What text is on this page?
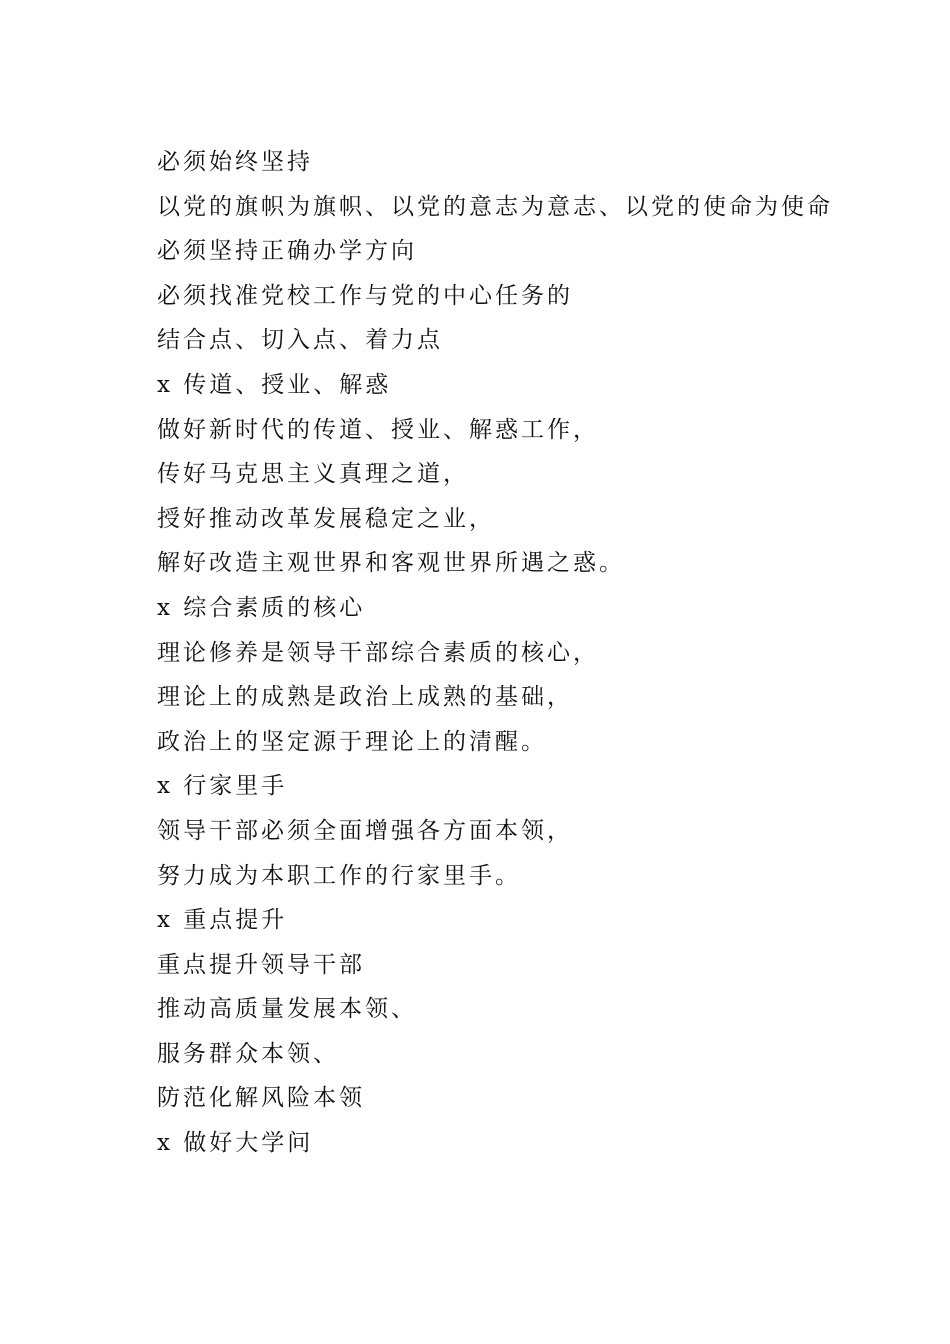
必须始终坚持
以党的旗帜为旗帜、以党的意志为意志、以党的使命为使命
必须坚持正确办学方向
必须找准党校工作与党的中心任务的
结合点、切入点、着力点
x 传道、授业、解惑
做好新时代的传道、授业、解惑工作，
传好马克思主义真理之道，
授好推动改革发展稳定之业，
解好改造主观世界和客观世界所遇之惑。
x 综合素质的核心
理论修养是领导干部综合素质的核心，
理论上的成熟是政治上成熟的基础，
政治上的坚定源于理论上的清醒。
x 行家里手
领导干部必须全面增强各方面本领，
努力成为本职工作的行家里手。
x 重点提升
重点提升领导干部
推动高质量发展本领、
服务群众本领、
防范化解风险本领
x 做好大学问
